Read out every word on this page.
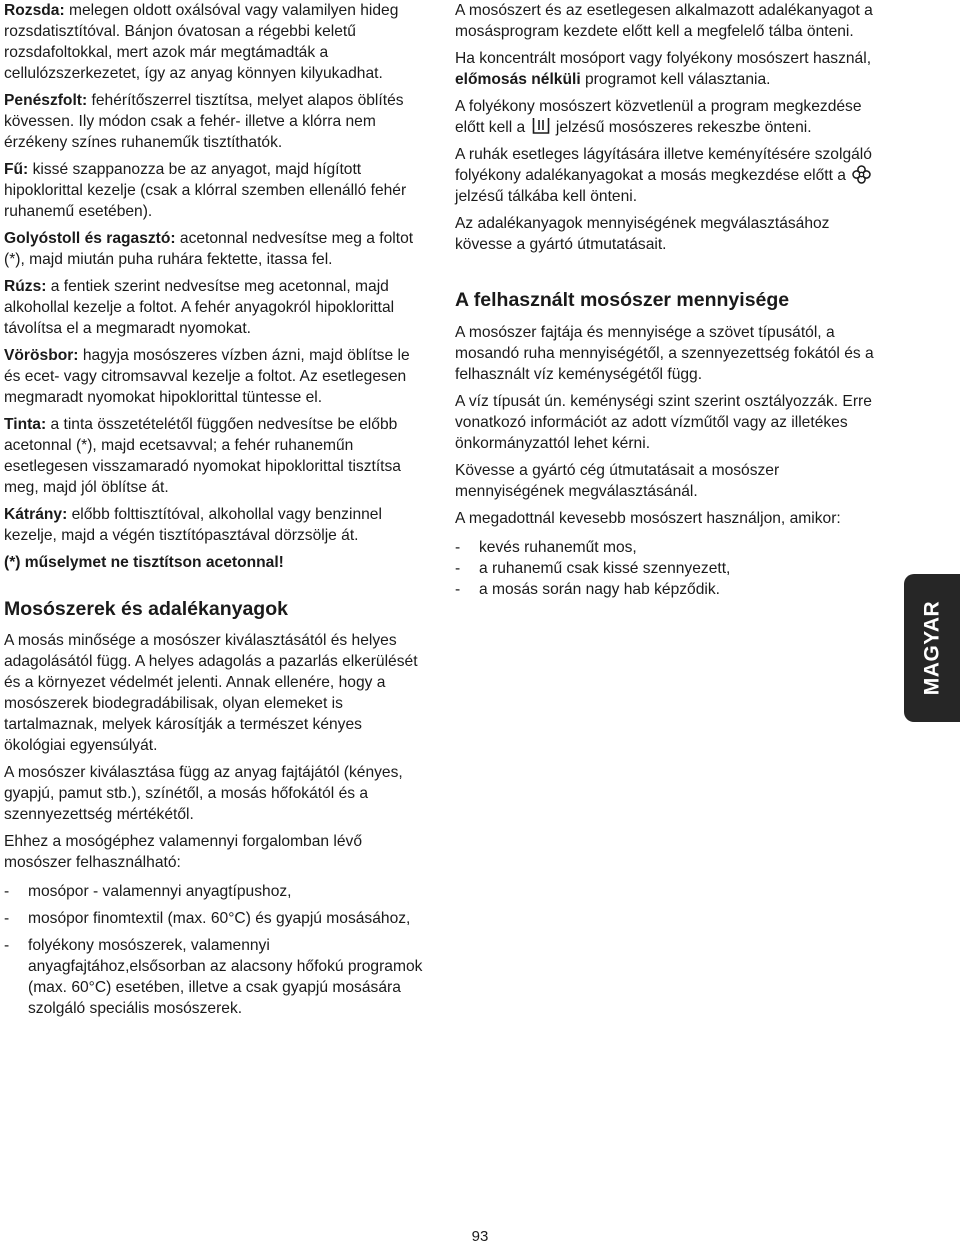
Rozsda: melegen oldott oxálsóval vagy valamilyen hideg rozsdatisztítóval. Bánjon óvatosan a régebbi keletű rozsdafoltokkal, mert azok már megtámadták a cellulózszerkezetet, így az anyag könnyen kilyukadhat.

Penészfolt: fehérítőszerrel tisztítsa, melyet alapos öblítés kövessen. Ily módon csak a fehér- illetve a klórra nem érzékeny színes ruhaneműk tisztíthatók.

Fű: kissé szappanozza be az anyagot, majd hígított hipoklorittal kezelje (csak a klórral szemben ellenálló fehér ruhanemű esetében).

Golyóstoll és ragasztó: acetonnal nedvesítse meg a foltot (*), majd miután puha ruhára fektette, itassa fel.

Rúzs: a fentiek szerint nedvesítse meg acetonnal, majd alkohollal kezelje a foltot. A fehér anyagokról hipoklorittal távolítsa el a megmaradt nyomokat.

Vörösbor: hagyja mosószeres vízben ázni, majd öblítse le és ecet- vagy citromsavval kezelje a foltot. Az esetlegesen megmaradt nyomokat hipoklorittal tüntesse el.

Tinta: a tinta összetételétől függően nedvesítse be előbb acetonnal (*), majd ecetsavval; a fehér ruhaneműn esetlegesen visszamaradó nyomokat hipoklorittal tisztítsa meg, majd jól öblítse át.

Kátrány: előbb folttisztítóval, alkohollal vagy benzinnel kezelje, majd a végén tisztítópasztával dörzsölje át.

(*) műselymet ne tisztítson acetonnal!

Mosószerek és adalékanyagok

A mosás minősége a mosószer kiválasztásától és helyes adagolásától függ. A helyes adagolás a pazarlás elkerülését és a környezet védelmét jelenti. Annak ellenére, hogy a mosószerek biodegradábilisak, olyan elemeket is tartalmaznak, melyek károsítják a természet kényes ökológiai egyensúlyát.

A mosószer kiválasztása függ az anyag fajtájától (kényes, gyapjú, pamut stb.), színétől, a mosás hőfokától és a szennyezettség mértékétől.

Ehhez a mosógéphez valamennyi forgalomban lévő mosószer felhasználható:

- mosópor - valamennyi anyagtípushoz,
- mosópor finomtextil (max. 60°C) és gyapjú mosásához,
- folyékony mosószerek, valamennyi anyagfajtához,elsősorban az alacsony hőfokú programok (max. 60°C) esetében, illetve a csak gyapjú mosására szolgáló speciális mosószerek.

A mosószert és az esetlegesen alkalmazott adalékanyagot a mosásprogram kezdete előtt kell a megfelelő tálba önteni.

Ha koncentrált mosóport vagy folyékony mosószert használ, előmosás nélküli programot kell választania.

A folyékony mosószert közvetlenül a program megkezdése előtt kell a  jelzésű mosószeres rekeszbe önteni.

A ruhák esetleges lágyítására illetve keményítésére szolgáló folyékony adalékanyagokat a mosás megkezdése előtt a  jelzésű tálkába kell önteni.

Az adalékanyagok mennyiségének megválasztásához kövesse a gyártó útmutatásait.

A felhasznált mosószer mennyisége

A mosószer fajtája és mennyisége a szövet típusától, a mosandó ruha mennyiségétől, a szennyezettség fokától és a felhasznált víz keménységétől függ.

A víz típusát ún. keménységi szint szerint osztályozzák. Erre vonatkozó információt az adott vízműtől vagy az illetékes önkormányzattól lehet kérni.

Kövesse a gyártó cég útmutatásait a mosószer mennyiségének megválasztásánál.

A megadottnál kevesebb mosószert használjon, amikor:

- kevés ruhaneműt mos,
- a ruhanemű csak kissé szennyezett,
- a mosás során nagy hab képződik.
MAGYAR
93
